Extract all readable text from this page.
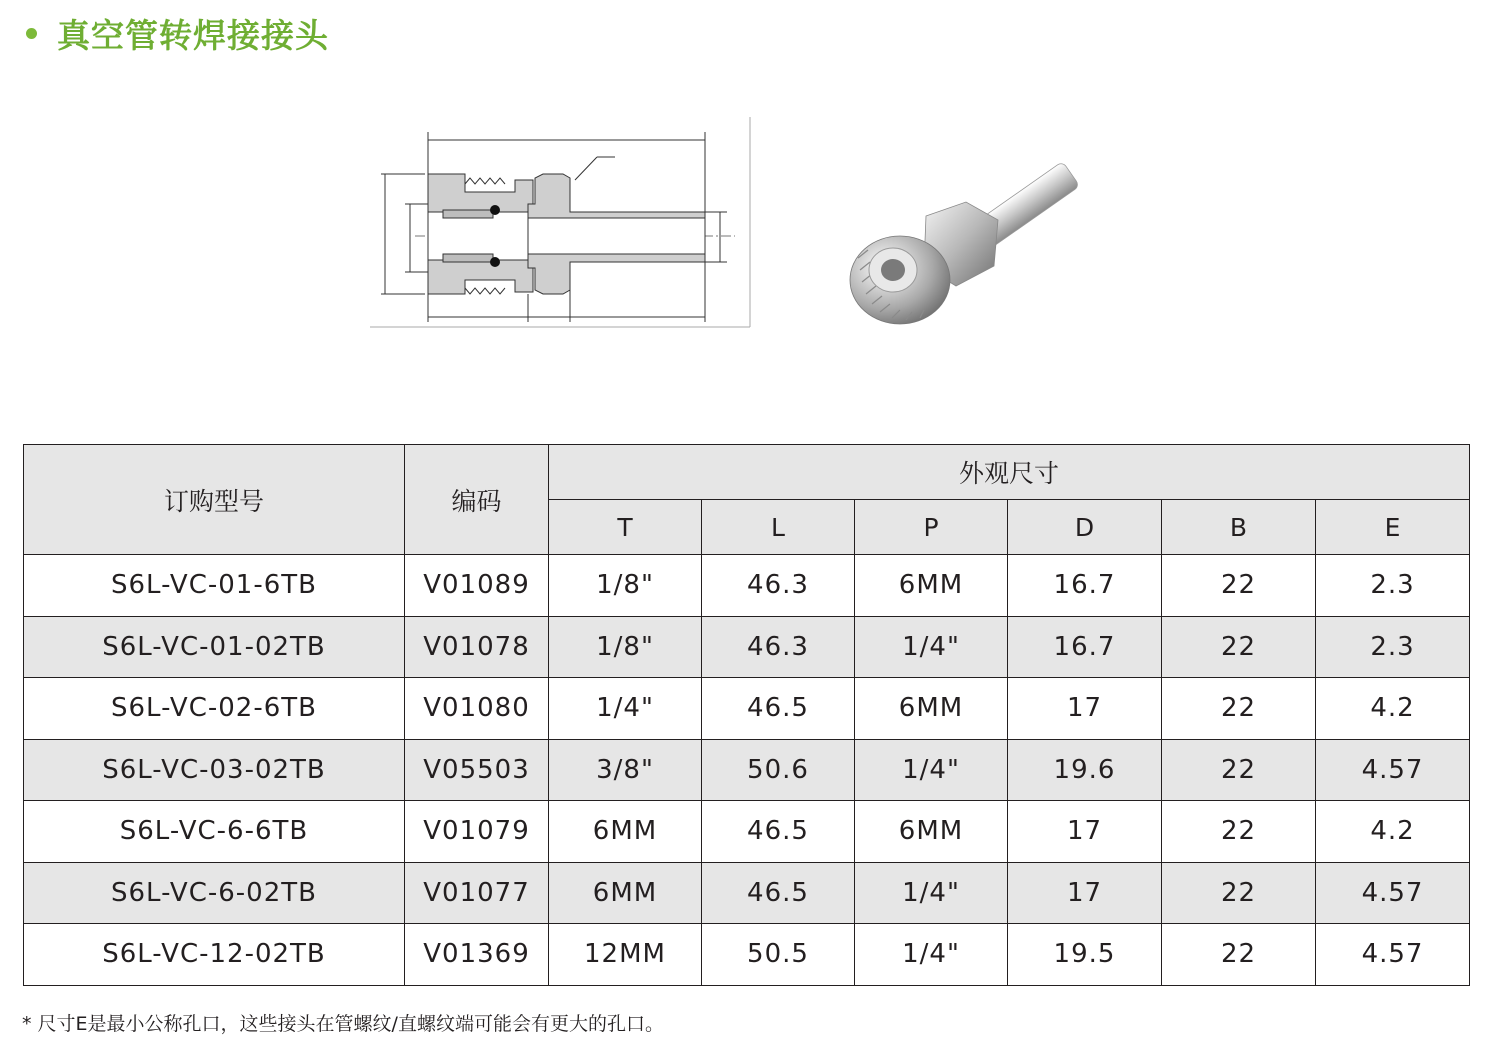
真空管转焊接接头
订购型号	编码	外观尺寸					
		T	L	P	D	B	E
S6L-VC-01-6TB	V01089	1/8"	46.3	6MM	16.7	22	2.3
S6L-VC-01-02TB	V01078	1/8"	46.3	1/4"	16.7	22	2.3
S6L-VC-02-6TB	V01080	1/4"	46.5	6MM	17	22	4.2
S6L-VC-03-02TB	V05503	3/8"	50.6	1/4"	19.6	22	4.57
S6L-VC-6-6TB	V01079	6MM	46.5	6MM	17	22	4.2
S6L-VC-6-02TB	V01077	6MM	46.5	1/4"	17	22	4.57
S6L-VC-12-02TB	V01369	12MM	50.5	1/4"	19.5	22	4.57
* 尺寸E是最小公称孔口，这些接头在管螺纹/直螺纹端可能会有更大的孔口。
